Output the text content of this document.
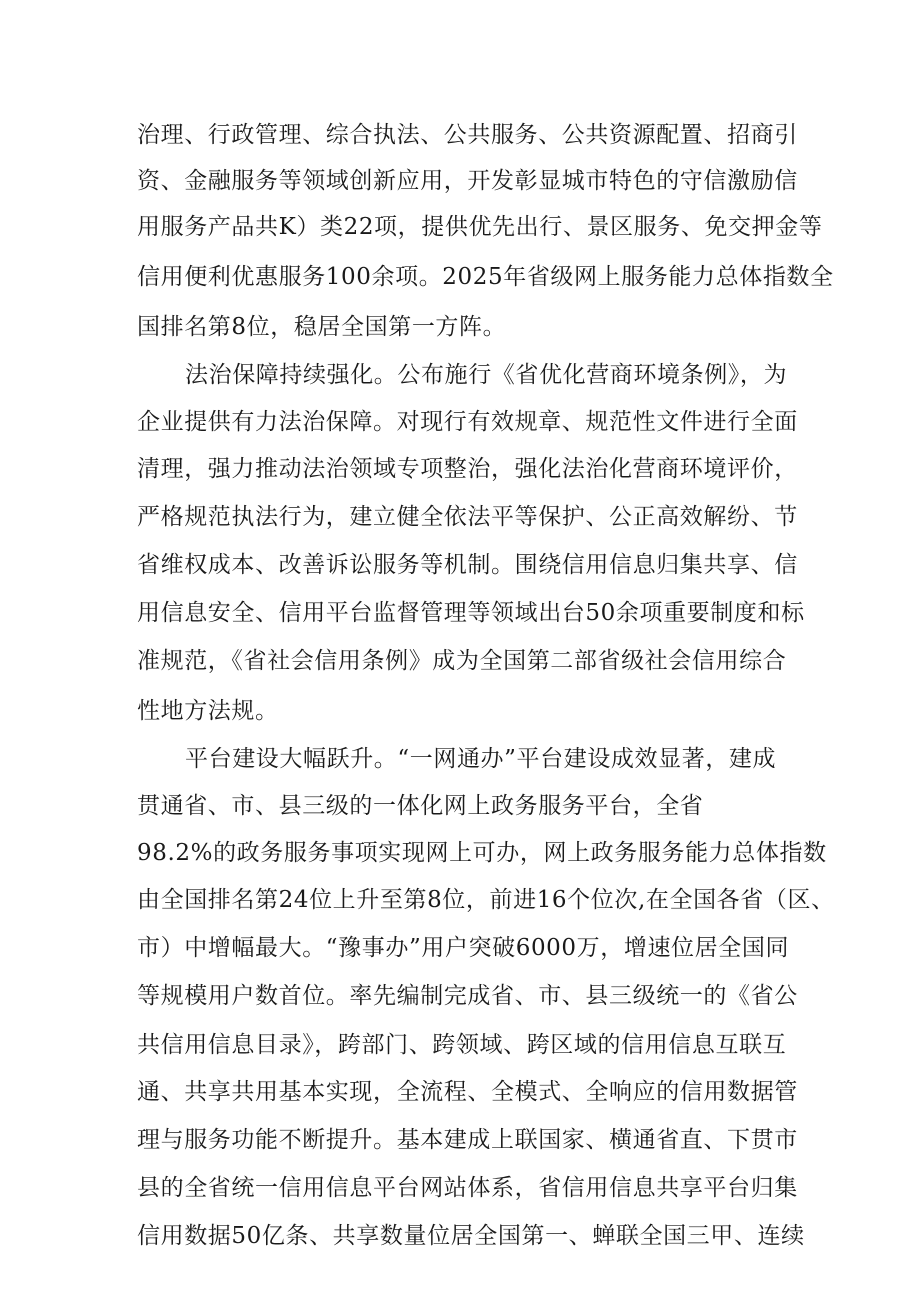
治理、行政管理、综合执法、公共服务、公共资源配置、招商引
资、金融服务等领域创新应用，开发彰显城市特色的守信激励信
用服务产品共K）类22项，提供优先出行、景区服务、免交押金等
信用便利优惠服务100余项。2025年省级网上服务能力总体指数全
国排名第8位，稳居全国第一方阵。
法治保障持续强化。公布施行《省优化营商环境条例》，为
企业提供有力法治保障。对现行有效规章、规范性文件进行全面
清理，强力推动法治领域专项整治，强化法治化营商环境评价，
严格规范执法行为，建立健全依法平等保护、公正高效解纷、节
省维权成本、改善诉讼服务等机制。围绕信用信息归集共享、信
用信息安全、信用平台监督管理等领域出台50余项重要制度和标
准规范，《省社会信用条例》成为全国第二部省级社会信用综合
性地方法规。
平台建设大幅跃升。“一网通办”平台建设成效显著，建成
贯通省、市、县三级的一体化网上政务服务平台，全省
98.2%的政务服务事项实现网上可办，网上政务服务能力总体指数
由全国排名第24位上升至第8位，前进16个位次,在全国各省（区、
市）中增幅最大。“豫事办”用户突破6000万，增速位居全国同
等规模用户数首位。率先编制完成省、市、县三级统一的《省公
共信用信息目录》，跨部门、跨领域、跨区域的信用信息互联互
通、共享共用基本实现，全流程、全模式、全响应的信用数据管
理与服务功能不断提升。基本建成上联国家、横通省直、下贯市
县的全省统一信用信息平台网站体系，省信用信息共享平台归集
信用数据50亿条、共享数量位居全国第一、蝉联全国三甲、连续
